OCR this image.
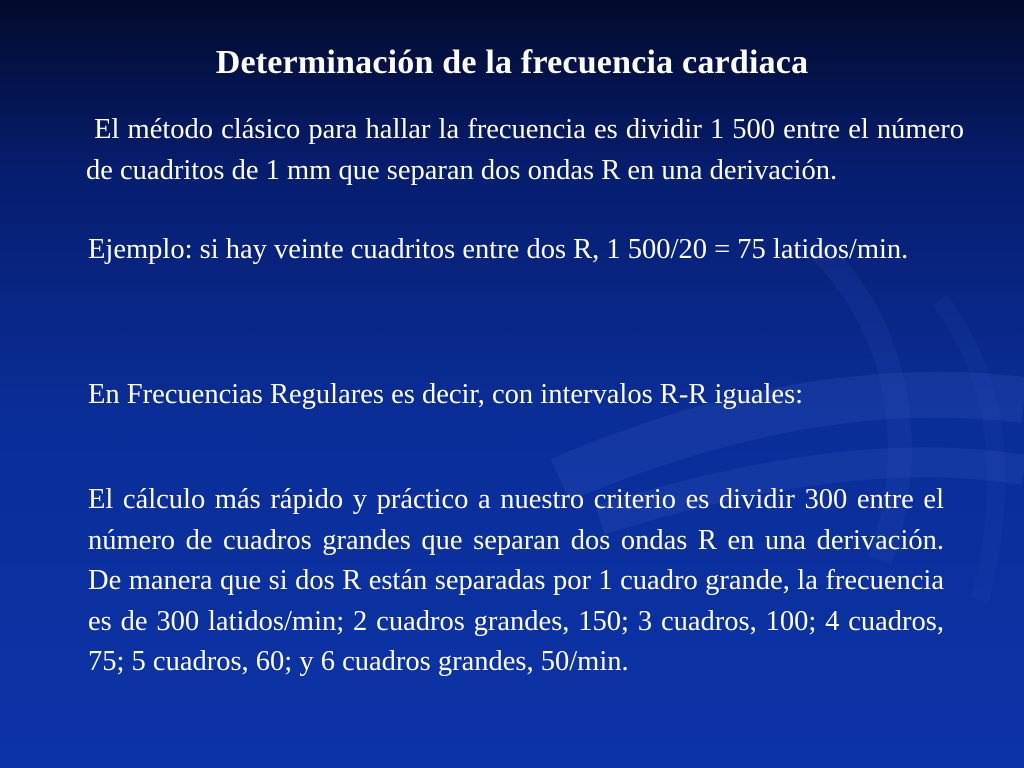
Determinación de la frecuencia cardiaca
El método clásico para hallar la frecuencia es dividir 1 500 entre el número de cuadritos de 1 mm que separan dos ondas R en una derivación.
Ejemplo: si hay veinte cuadritos entre dos R, 1 500/20 = 75 latidos/min.
En Frecuencias Regulares es decir, con intervalos R-R iguales:
El cálculo más rápido y práctico a nuestro criterio es dividir 300 entre el número de cuadros grandes que separan dos ondas R en una derivación. De manera que si dos R están separadas por 1 cuadro grande, la frecuencia es de 300 latidos/min; 2 cuadros grandes, 150; 3 cuadros, 100; 4 cuadros, 75; 5 cuadros, 60; y 6 cuadros grandes, 50/min.
